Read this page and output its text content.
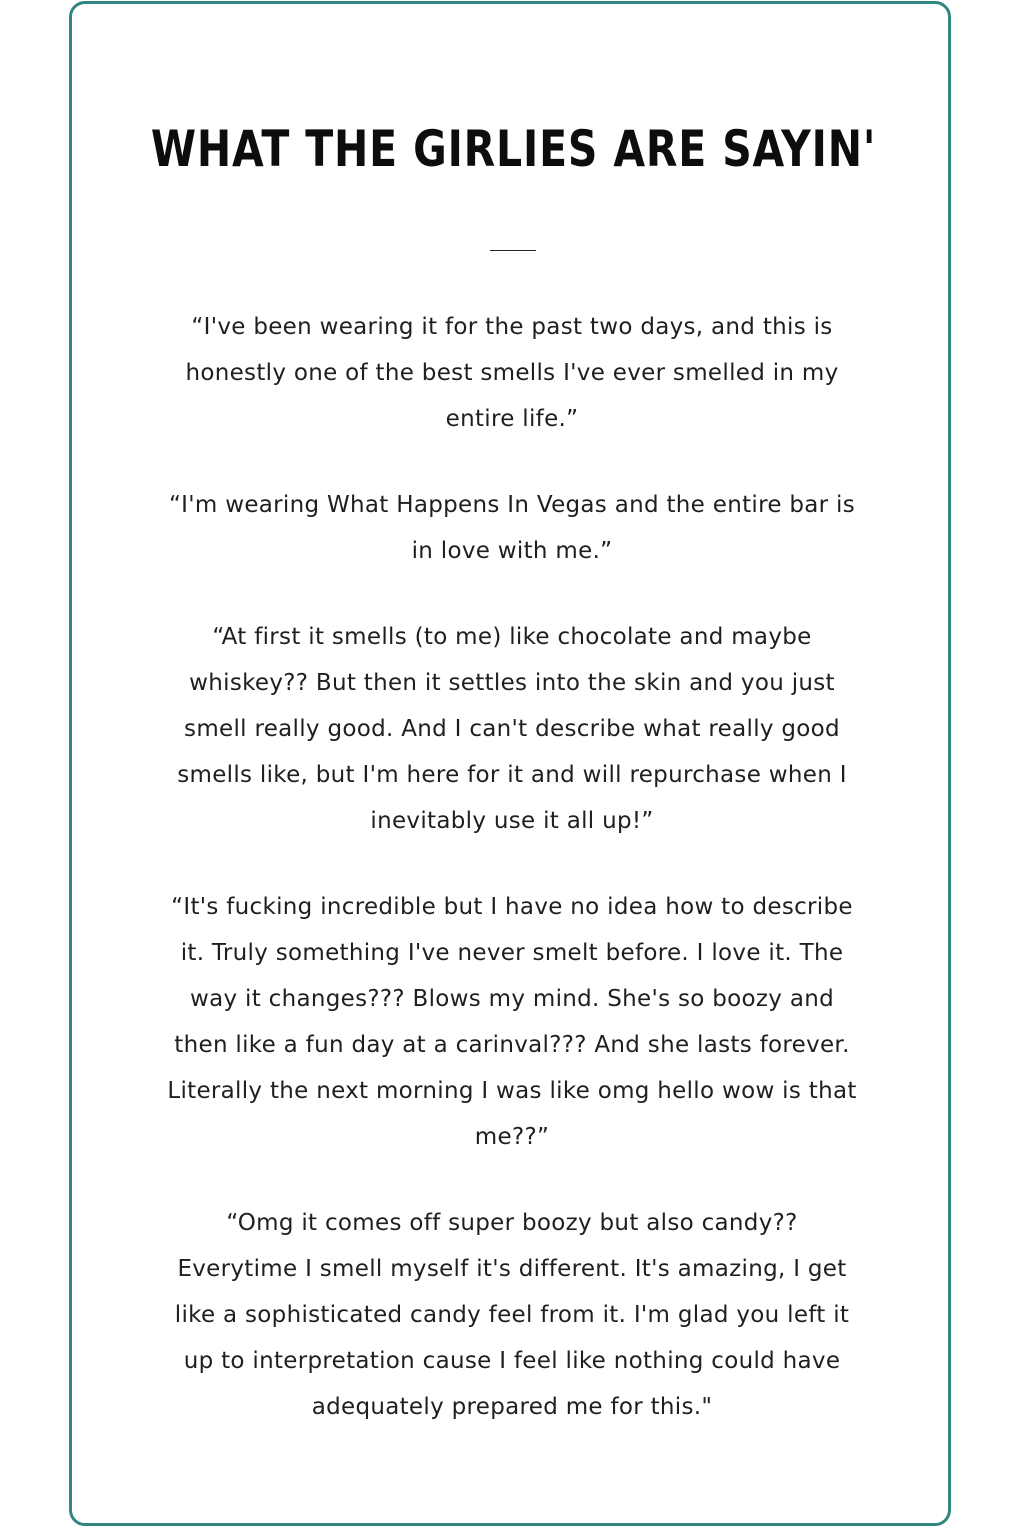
WHAT THE GIRLIES ARE SAYIN'

“I've been wearing it for the past two days, and this is honestly one of the best smells I've ever smelled in my entire life.”

“I'm wearing What Happens In Vegas and the entire bar is in love with me.”

“At first it smells (to me) like chocolate and maybe whiskey?? But then it settles into the skin and you just smell really good. And I can't describe what really good smells like, but I'm here for it and will repurchase when I inevitably use it all up!”

“It's fucking incredible but I have no idea how to describe it. Truly something I've never smelt before. I love it. The way it changes??? Blows my mind. She's so boozy and then like a fun day at a carinval??? And she lasts forever. Literally the next morning I was like omg hello wow is that me??”

“Omg it comes off super boozy but also candy?? Everytime I smell myself it's different. It's amazing, I get like a sophisticated candy feel from it. I'm glad you left it up to interpretation cause I feel like nothing could have adequately prepared me for this."
